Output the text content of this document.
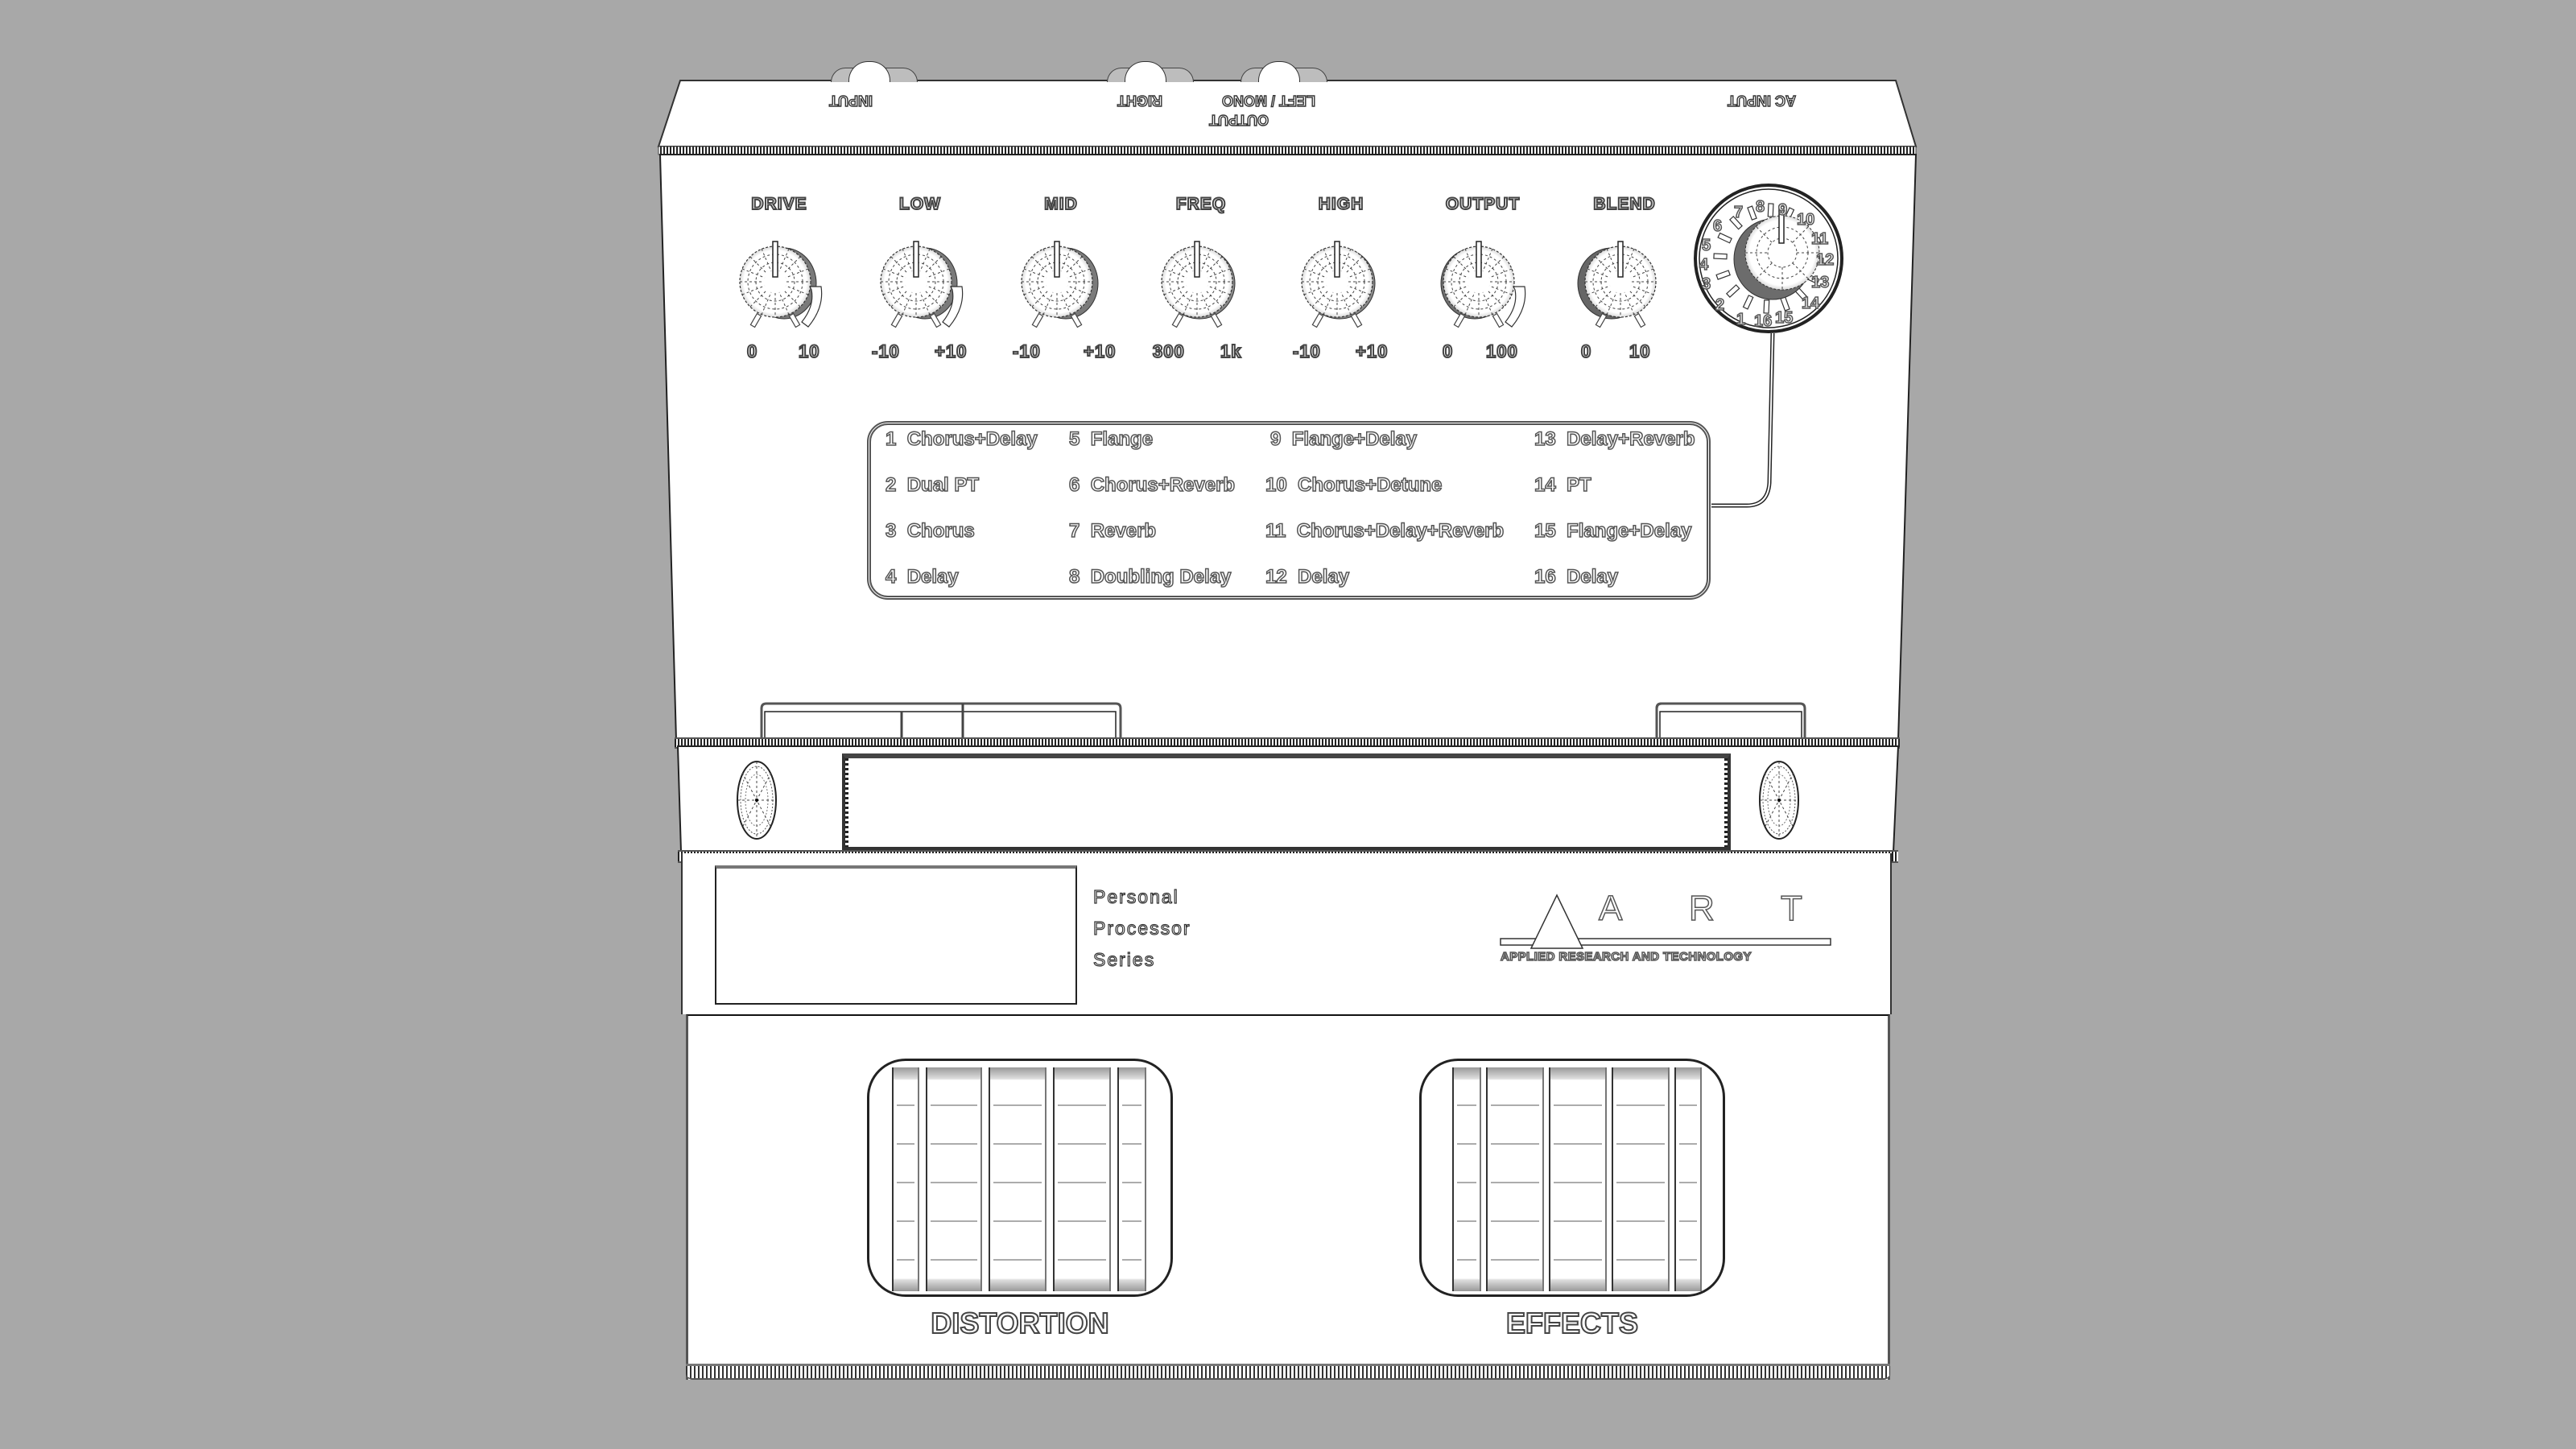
INPUT	RIGHT	LEFT / MONO
OUTPUT
AC INPUT
DRIVE
0 10
LOW
-10 +10
MID
-10 +10
FREQ
300 1k
HIGH
-10 +10
OUTPUT
0 100
BLEND
0 10
1
2
3
4
5
6
7 8 9
10
11
12
13
14
15
16
1 Chorus+Delay
2 Dual PT
3 Chorus
4 Delay
5 Flange
6 Chorus+Reverb
7 Reverb
8 Doubling Delay
9 Flange+Delay
10 Chorus+Detune
11 Chorus+Delay+Reverb
12 Delay
13 Delay+Reverb
14 PT
15 Flange+Delay
16 Delay
Personal
Processor
Series
A R T
APPLIED RESEARCH AND TECHNOLOGY
DISTORTION	EFFECTS
